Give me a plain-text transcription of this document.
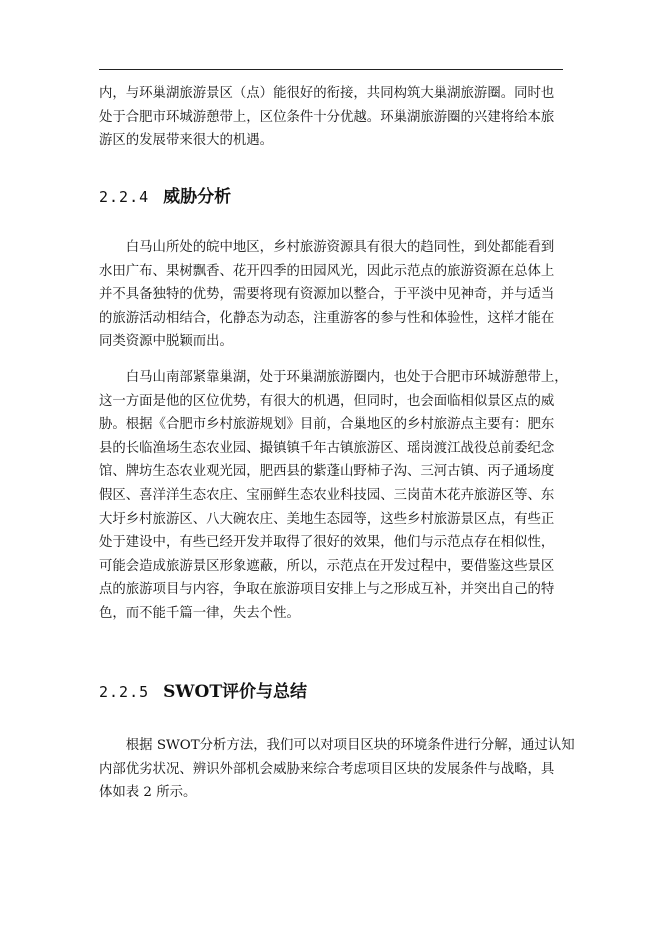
内，与环巢湖旅游景区（点）能很好的衔接，共同构筑大巢湖旅游圈。同时也
处于合肥市环城游憩带上，区位条件十分优越。环巢湖旅游圈的兴建将给本旅
游区的发展带来很大的机遇。

2.2.4 威胁分析

　　白马山所处的皖中地区，乡村旅游资源具有很大的趋同性，到处都能看到
水田广布、果树飘香、花开四季的田园风光，因此示范点的旅游资源在总体上
并不具备独特的优势，需要将现有资源加以整合，于平淡中见神奇，并与适当
的旅游活动相结合，化静态为动态，注重游客的参与性和体验性，这样才能在
同类资源中脱颖而出。

　　白马山南部紧靠巢湖，处于环巢湖旅游圈内，也处于合肥市环城游憩带上，
这一方面是他的区位优势，有很大的机遇，但同时，也会面临相似景区点的威
胁。根据《合肥市乡村旅游规划》目前，合巢地区的乡村旅游点主要有：肥东
县的长临渔场生态农业园、撮镇镇千年古镇旅游区、瑶岗渡江战役总前委纪念
馆、牌坊生态农业观光园，肥西县的紫蓬山野柿子沟、三河古镇、丙子通场度
假区、喜洋洋生态农庄、宝丽鲜生态农业科技园、三岗苗木花卉旅游区等、东
大圩乡村旅游区、八大碗农庄、美地生态园等，这些乡村旅游景区点，有些正
处于建设中，有些已经开发并取得了很好的效果，他们与示范点存在相似性，
可能会造成旅游景区形象遮蔽，所以，示范点在开发过程中，要借鉴这些景区
点的旅游项目与内容，争取在旅游项目安排上与之形成互补，并突出自己的特
色，而不能千篇一律，失去个性。

2.2.5 SWOT评价与总结

　　根据 SWOT分析方法，我们可以对项目区块的环境条件进行分解，通过认知
内部优劣状况、辨识外部机会威胁来综合考虑项目区块的发展条件与战略，具
体如表 2 所示。
